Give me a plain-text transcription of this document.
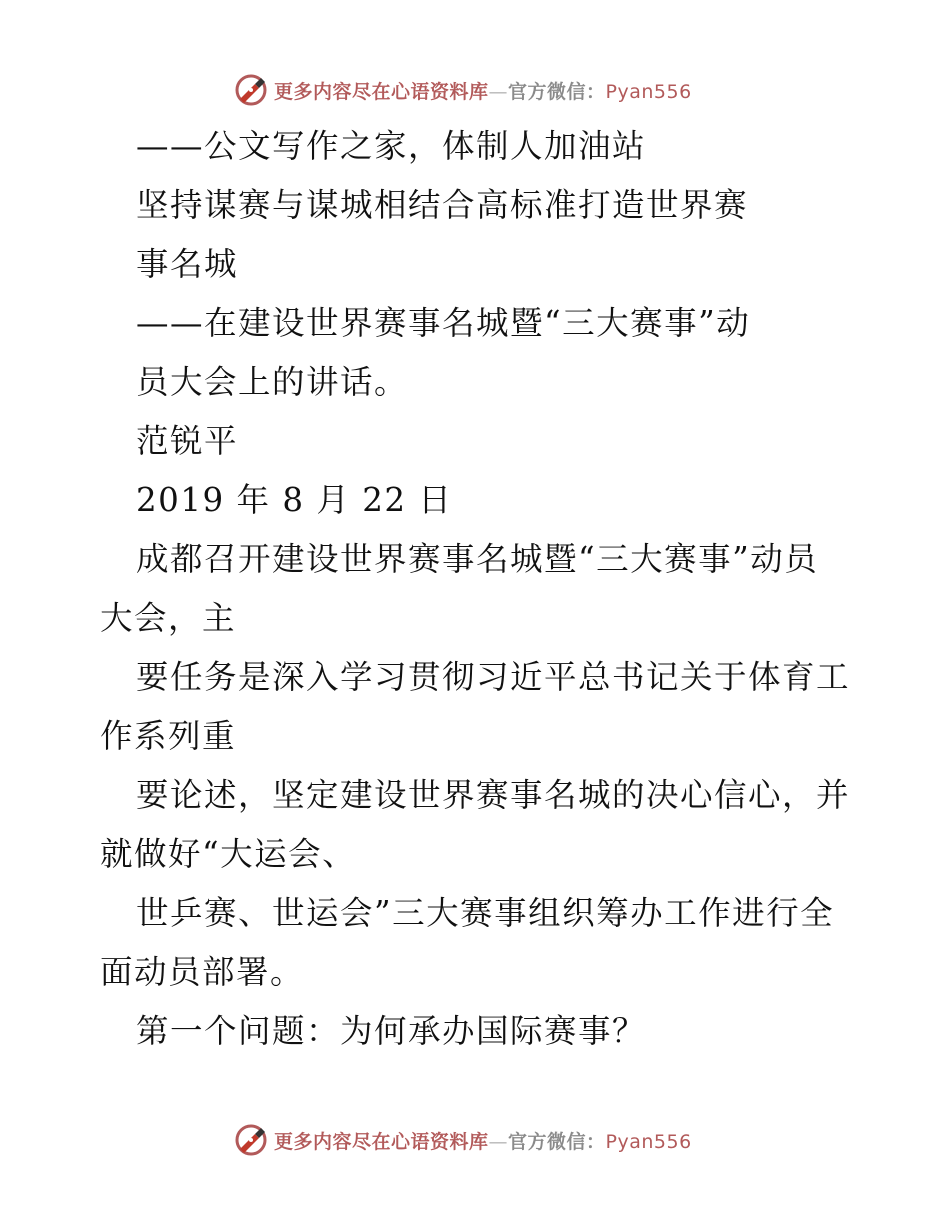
更多内容尽在心语资料库—官方微信：Pyan556
——公文写作之家，体制人加油站
坚持谋赛与谋城相结合高标准打造世界赛
事名城
——在建设世界赛事名城暨“三大赛事”动
员大会上的讲话。
范锐平
2019 年 8 月 22 日
成都召开建设世界赛事名城暨“三大赛事”动员
大会，主
要任务是深入学习贯彻习近平总书记关于体育工
作系列重
要论述，坚定建设世界赛事名城的决心信心，并
就做好“大运会、
世乒赛、世运会”三大赛事组织筹办工作进行全
面动员部署。
第一个问题：为何承办国际赛事？
更多内容尽在心语资料库—官方微信：Pyan556
